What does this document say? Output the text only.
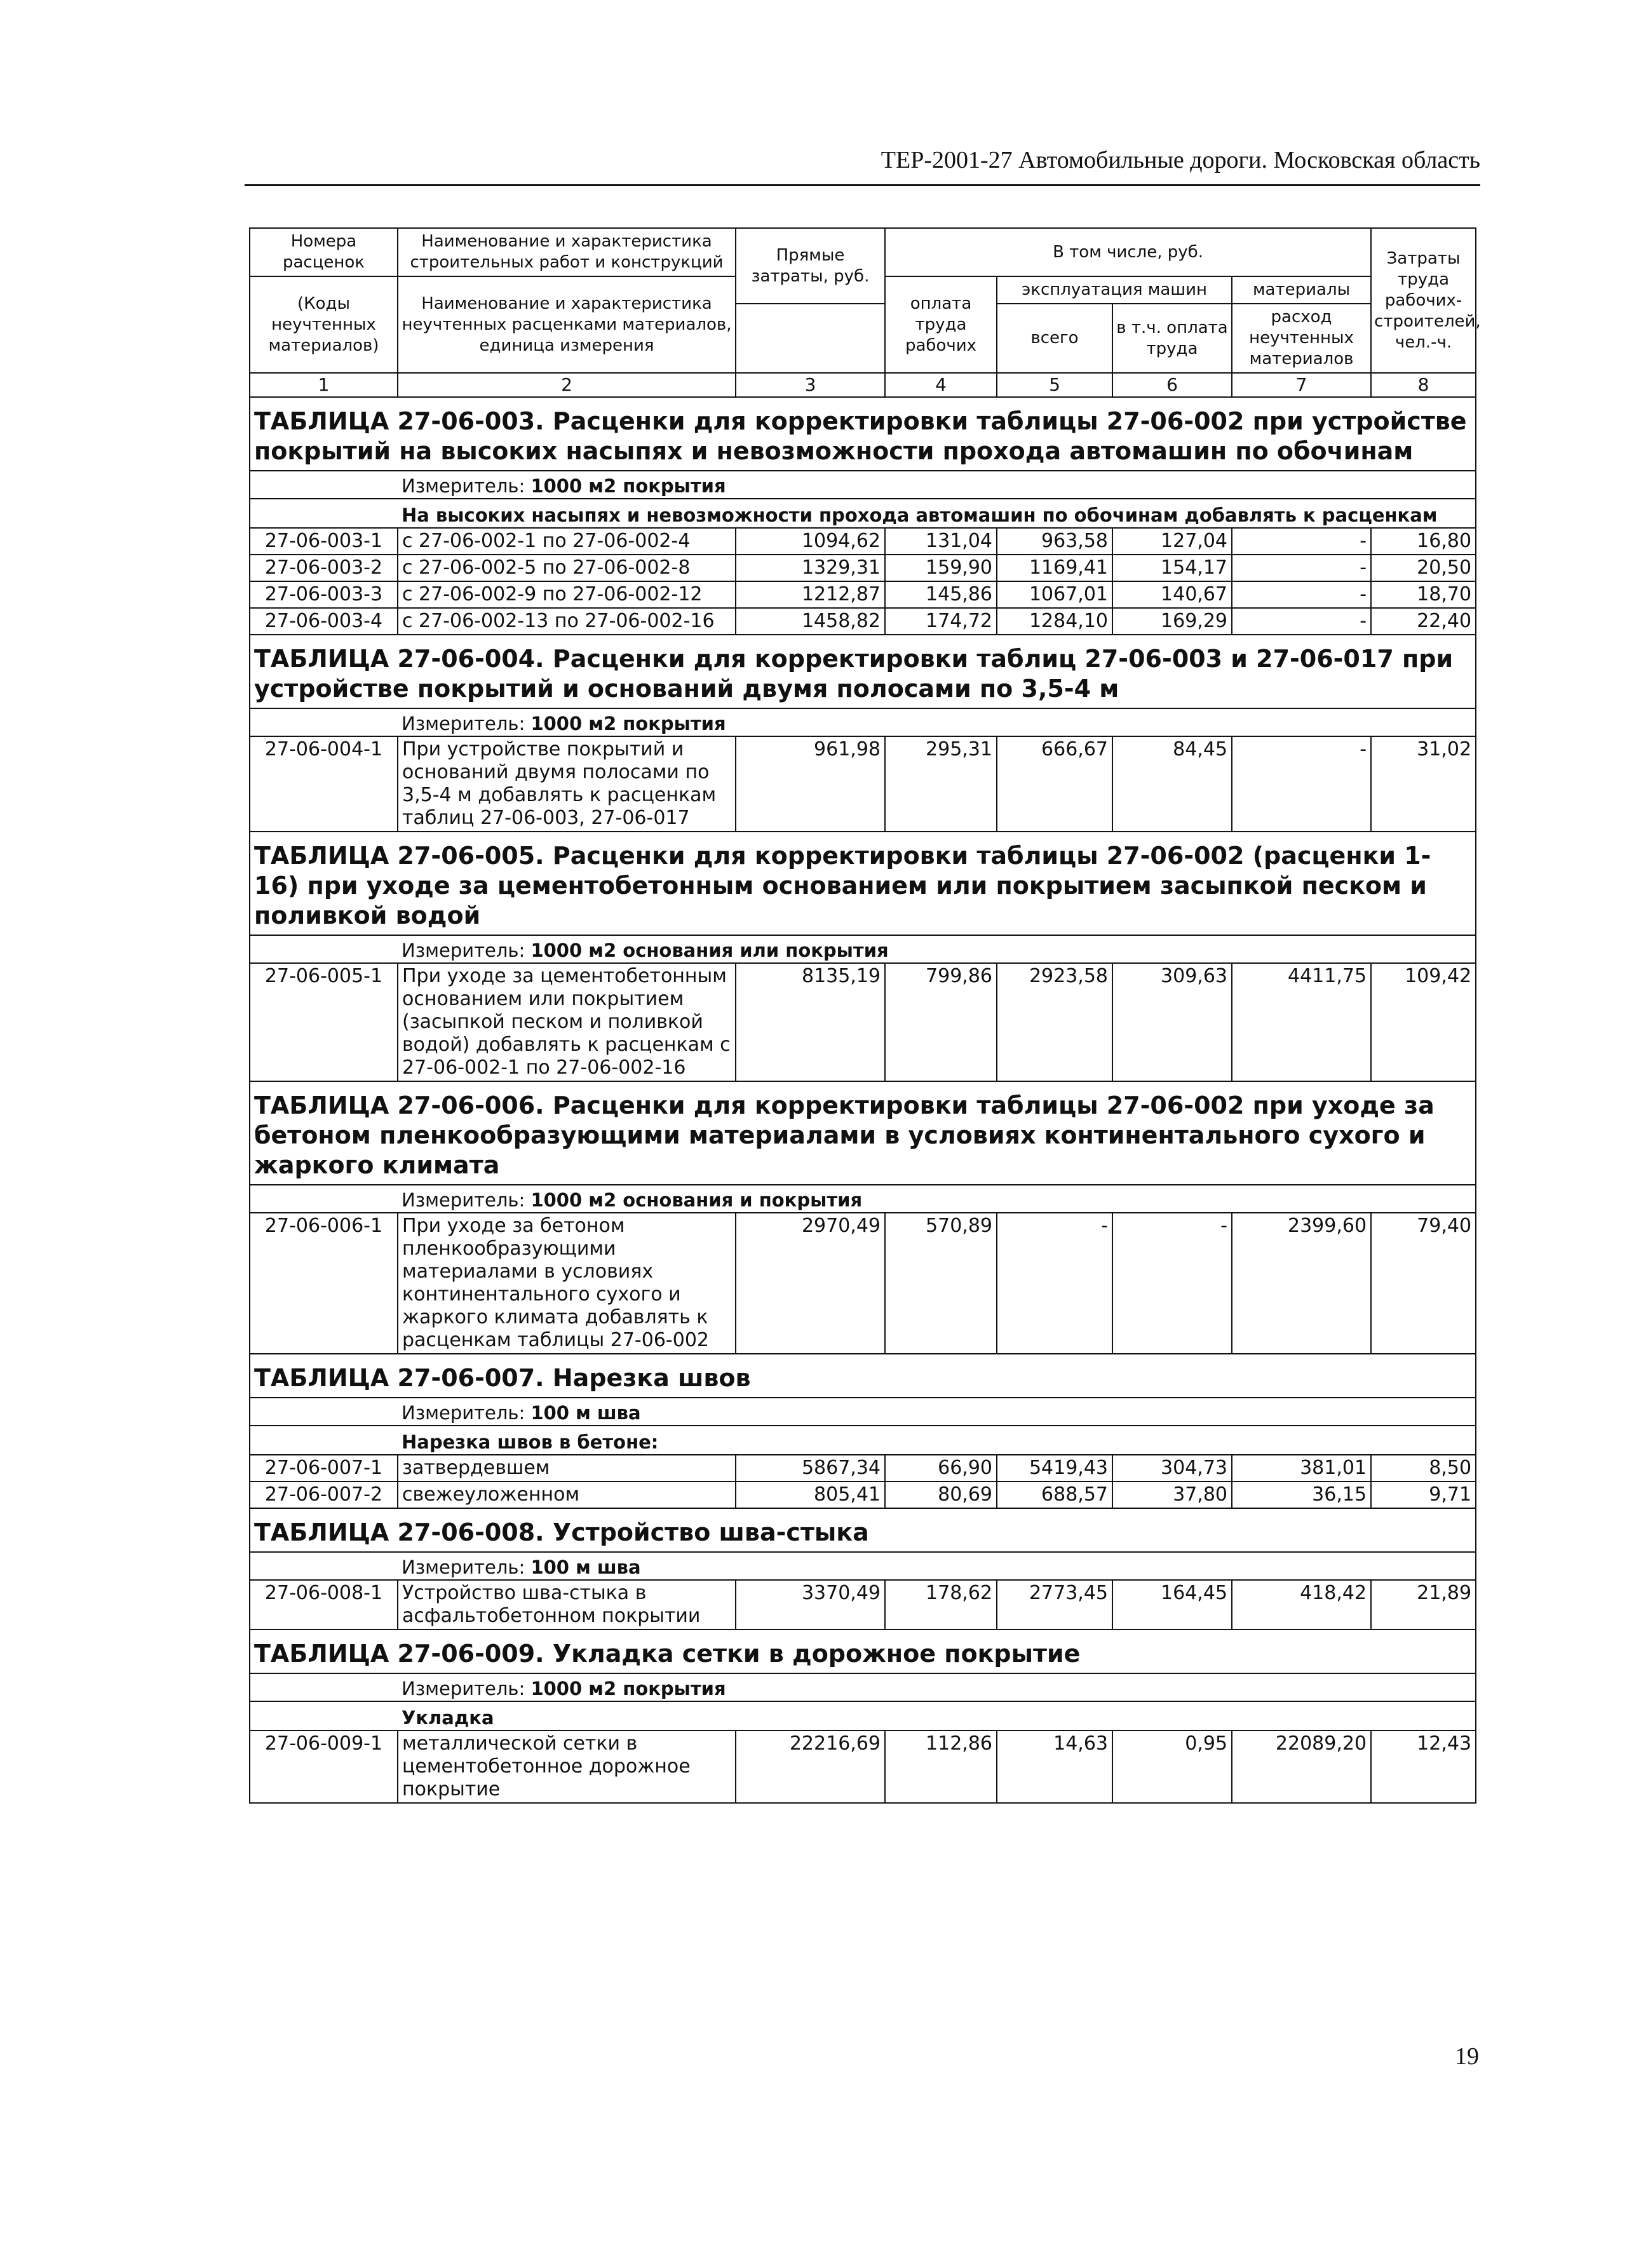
ТЕР-2001-27 Автомобильные дороги. Московская область
Номера расценок	Наименование и характеристика строительных работ и конструкций	Прямые затраты, руб.	В том числе, руб.				Затраты труда рабочих-строителей, чел.-ч.
(Коды неучтенных материалов)	Наименование и характеристика неучтенных расценками материалов, единица измерения		оплата труда рабочих	эксплуатация машин		материалы	
				всего	в т.ч. оплата труда	расход неучтенных материалов	

1	2	3	4	5	6	7	8
ТАБЛИЦА 27-06-003. Расценки для корректировки таблицы 27-06-002 при устройстве покрытий на высоких насыпях и невозможности прохода автомашин по обочинам							
	Измеритель: 1000 м2 покрытия						
	На высоких насыпях и невозможности прохода автомашин по обочинам добавлять к расценкам						
27-06-003-1	с 27-06-002-1 по 27-06-002-4	1094,62	131,04	963,58	127,04	-	16,80
27-06-003-2	с 27-06-002-5 по 27-06-002-8	1329,31	159,90	1169,41	154,17	-	20,50
27-06-003-3	с 27-06-002-9 по 27-06-002-12	1212,87	145,86	1067,01	140,67	-	18,70
27-06-003-4	с 27-06-002-13 по 27-06-002-16	1458,82	174,72	1284,10	169,29	-	22,40
ТАБЛИЦА 27-06-004. Расценки для корректировки таблиц 27-06-003 и 27-06-017 при устройстве покрытий и оснований двумя полосами по 3,5-4 м							
	Измеритель: 1000 м2 покрытия						
27-06-004-1	При устройстве покрытий и оснований двумя полосами по 3,5-4 м добавлять к расценкам таблиц 27-06-003, 27-06-017	961,98	295,31	666,67	84,45	-	31,02
ТАБЛИЦА 27-06-005. Расценки для корректировки таблицы 27-06-002 (расценки 1-16) при уходе за цементобетонным основанием или покрытием засыпкой песком и поливкой водой							
	Измеритель: 1000 м2 основания или покрытия						
27-06-005-1	При уходе за цементобетонным основанием или покрытием (засыпкой песком и поливкой водой) добавлять к расценкам с 27-06-002-1 по 27-06-002-16	8135,19	799,86	2923,58	309,63	4411,75	109,42
ТАБЛИЦА 27-06-006. Расценки для корректировки таблицы 27-06-002 при уходе за бетоном пленкообразующими материалами в условиях континентального сухого и жаркого климата							
	Измеритель: 1000 м2 основания и покрытия						
27-06-006-1	При уходе за бетоном пленкообразующими материалами в условиях континентального сухого и жаркого климата добавлять к расценкам таблицы 27-06-002	2970,49	570,89	-	-	2399,60	79,40
ТАБЛИЦА 27-06-007. Нарезка швов							
	Измеритель: 100 м шва						
	Нарезка швов в бетоне:						
27-06-007-1	затвердевшем	5867,34	66,90	5419,43	304,73	381,01	8,50
27-06-007-2	свежеуложенном	805,41	80,69	688,57	37,80	36,15	9,71
ТАБЛИЦА 27-06-008. Устройство шва-стыка							
	Измеритель: 100 м шва						
27-06-008-1	Устройство шва-стыка в асфальтобетонном покрытии	3370,49	178,62	2773,45	164,45	418,42	21,89
ТАБЛИЦА 27-06-009. Укладка сетки в дорожное покрытие							
	Измеритель: 1000 м2 покрытия						
	Укладка						
27-06-009-1	металлической сетки в цементобетонное дорожное покрытие	22216,69	112,86	14,63	0,95	22089,20	12,43
19
